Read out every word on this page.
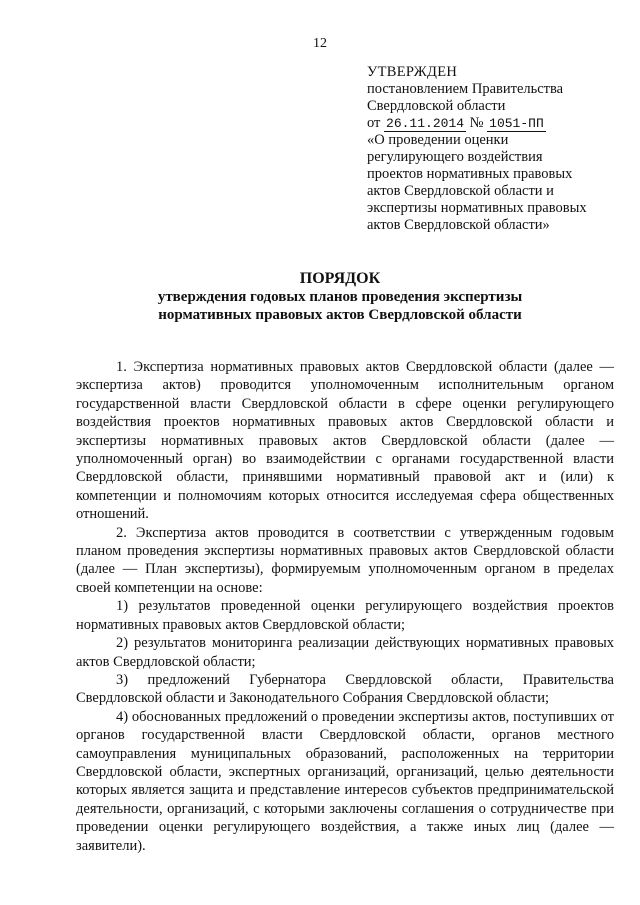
12
УТВЕРЖДЕН
постановлением Правительства
Свердловской области
от 26.11.2014 № 1051-ПП
«О проведении оценки
регулирующего воздействия
проектов нормативных правовых
актов Свердловской области и
экспертизы нормативных правовых
актов Свердловской области»
ПОРЯДОК
утверждения годовых планов проведения экспертизы
нормативных правовых актов Свердловской области

1. Экспертиза нормативных правовых актов Свердловской области (далее — экспертиза актов) проводится уполномоченным исполнительным органом государственной власти Свердловской области в сфере оценки регулирующего воздействия проектов нормативных правовых актов Свердловской области и экспертизы нормативных правовых актов Свердловской области (далее — уполномоченный орган) во взаимодействии с органами государственной власти Свердловской области, принявшими нормативный правовой акт и (или) к компетенции и полномочиям которых относится исследуемая сфера общественных отношений.

2. Экспертиза актов проводится в соответствии с утвержденным годовым планом проведения экспертизы нормативных правовых актов Свердловской области (далее — План экспертизы), формируемым уполномоченным органом в пределах своей компетенции на основе:

1) результатов проведенной оценки регулирующего воздействия проектов нормативных правовых актов Свердловской области;

2) результатов мониторинга реализации действующих нормативных правовых актов Свердловской области;

3) предложений Губернатора Свердловской области, Правительства Свердловской области и Законодательного Собрания Свердловской области;

4) обоснованных предложений о проведении экспертизы актов, поступивших от органов государственной власти Свердловской области, органов местного самоуправления муниципальных образований, расположенных на территории Свердловской области, экспертных организаций, организаций, целью деятельности которых является защита и представление интересов субъектов предпринимательской деятельности, организаций, с которыми заключены соглашения о сотрудничестве при проведении оценки регулирующего воздействия, а также иных лиц (далее — заявители).
